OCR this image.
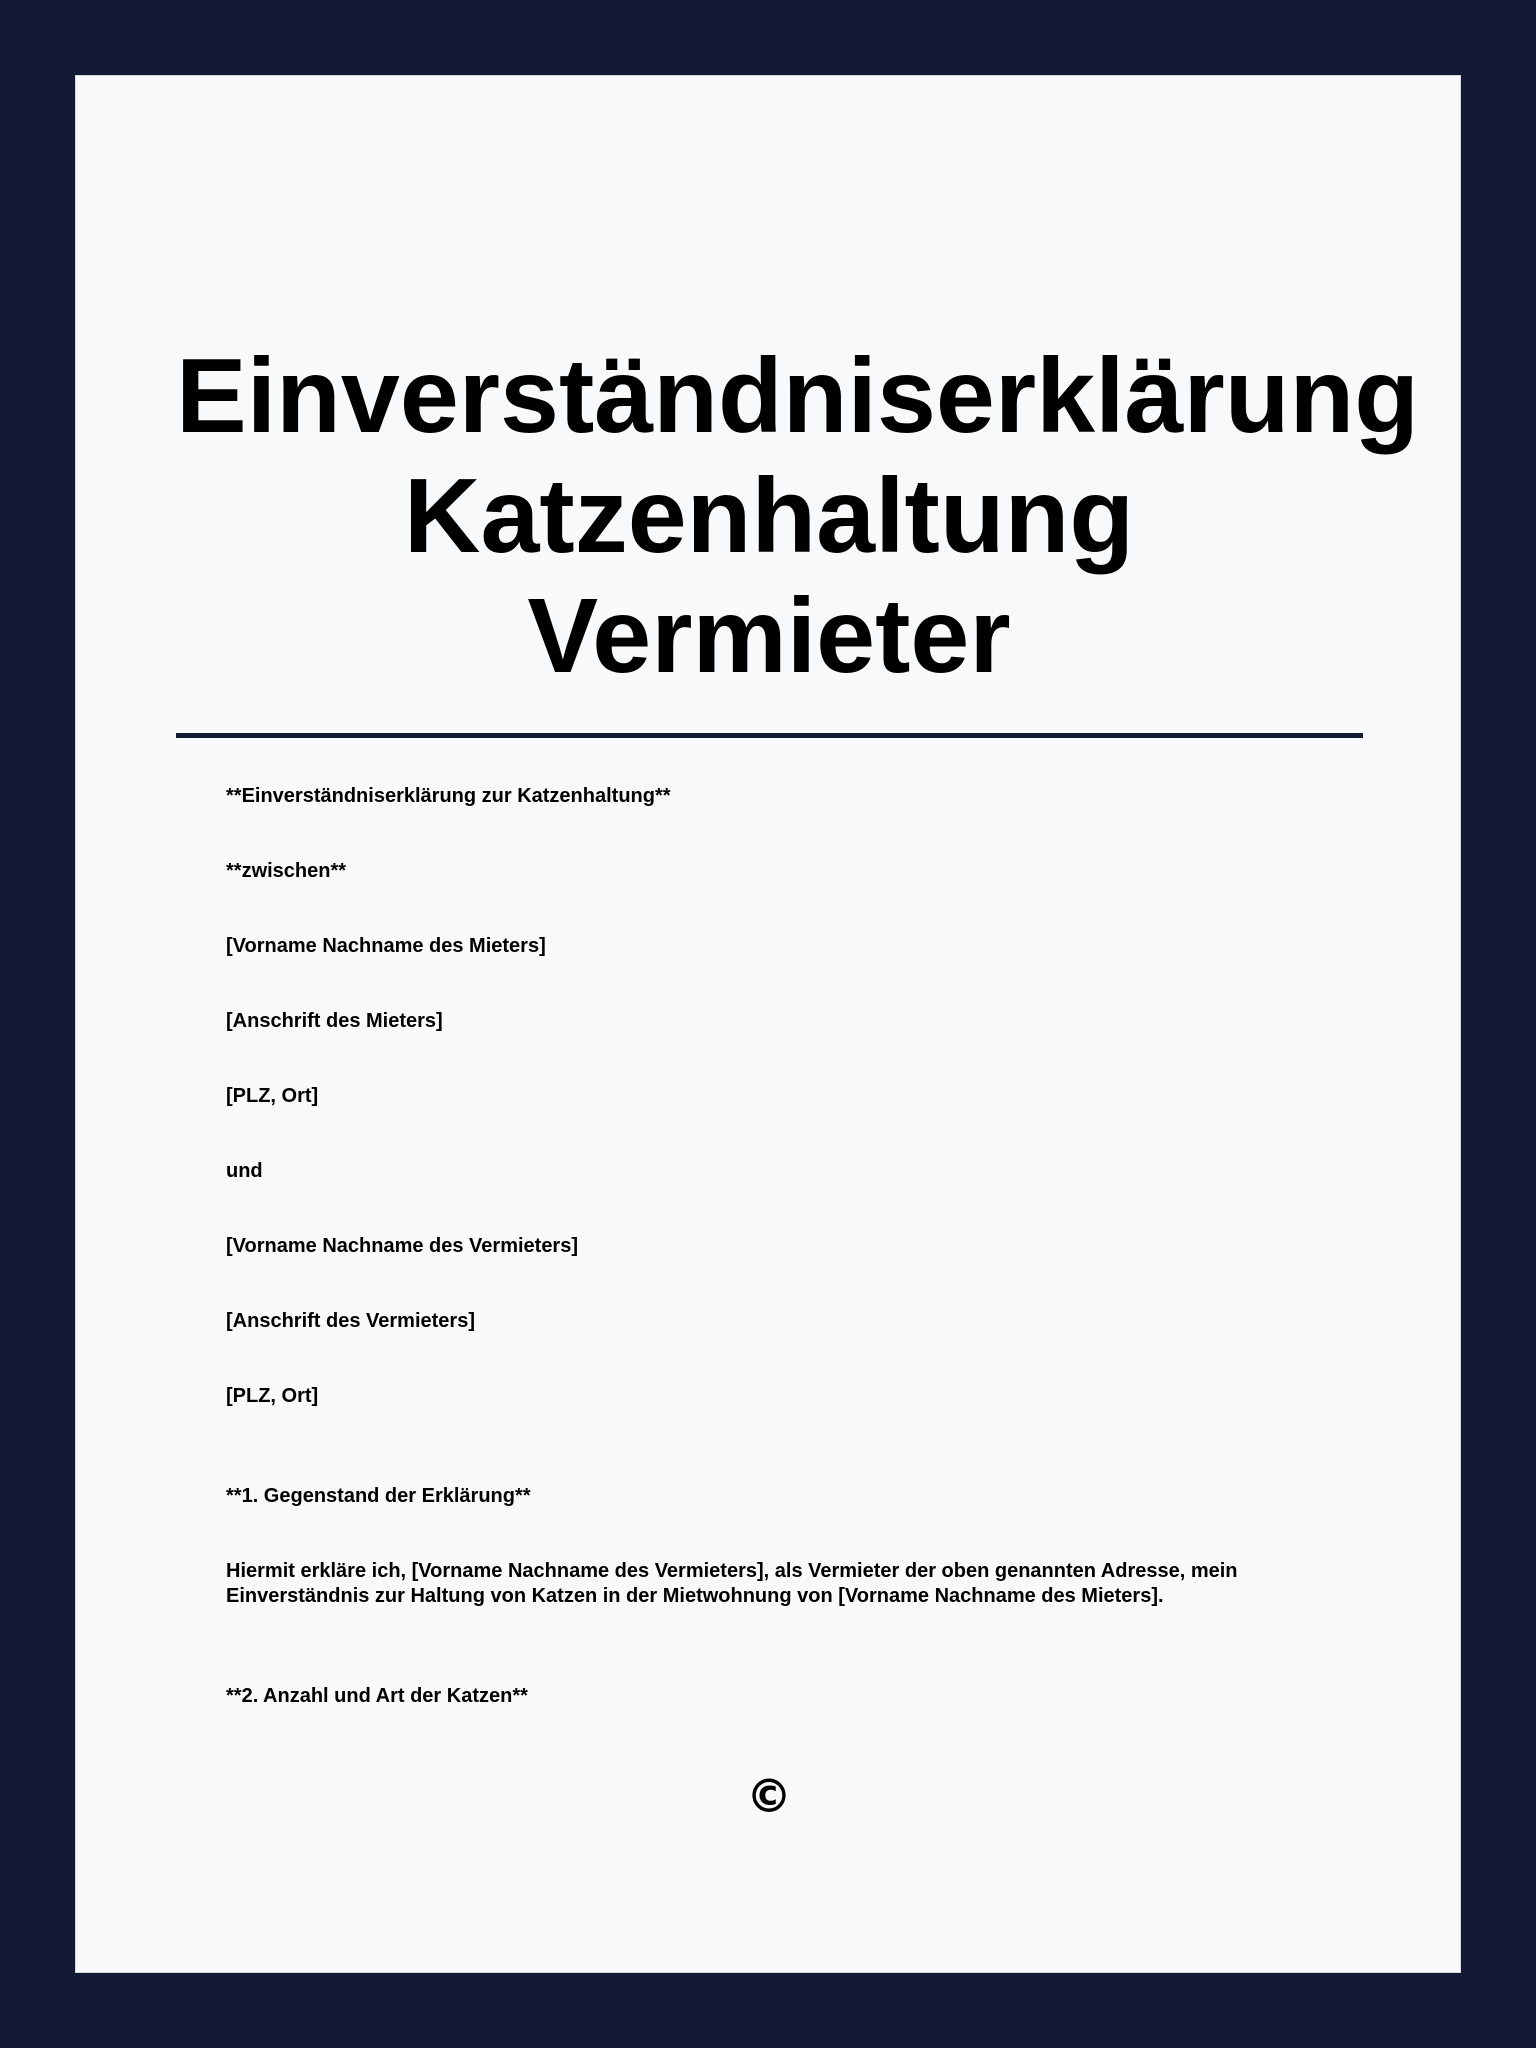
Einverständniserklärung
Katzenhaltung
Vermieter

**Einverständniserklärung zur Katzenhaltung**

**zwischen**

[Vorname Nachname des Mieters]

[Anschrift des Mieters]

[PLZ, Ort]

und

[Vorname Nachname des Vermieters]

[Anschrift des Vermieters]

[PLZ, Ort]

**1. Gegenstand der Erklärung**

Hiermit erkläre ich, [Vorname Nachname des Vermieters], als Vermieter der oben genannten Adresse, mein Einverständnis zur Haltung von Katzen in der Mietwohnung von [Vorname Nachname des Mieters].

**2. Anzahl und Art der Katzen**

©
